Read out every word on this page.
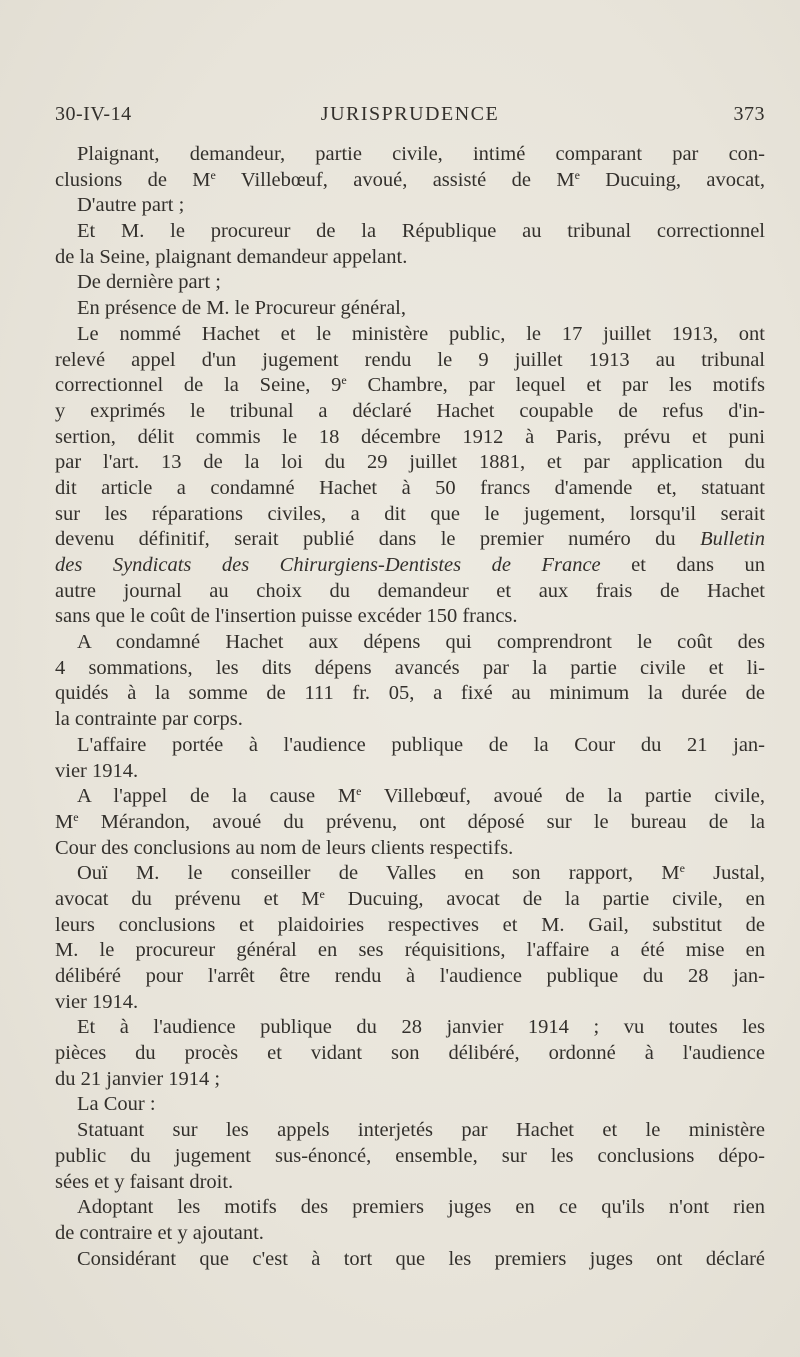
30-IV-14	JURISPRUDENCE	373
Plaignant, demandeur, partie civile, intimé comparant par con-
clusions de Me Villebœuf, avoué, assisté de Me Ducuing, avocat,
D'autre part ;
Et M. le procureur de la République au tribunal correctionnel
de la Seine, plaignant demandeur appelant.
De dernière part ;
En présence de M. le Procureur général,
Le nommé Hachet et le ministère public, le 17 juillet 1913, ont
relevé appel d'un jugement rendu le 9 juillet 1913 au tribunal
correctionnel de la Seine, 9e Chambre, par lequel et par les motifs
y exprimés le tribunal a déclaré Hachet coupable de refus d'in-
sertion, délit commis le 18 décembre 1912 à Paris, prévu et puni
par l'art. 13 de la loi du 29 juillet 1881, et par application du
dit article a condamné Hachet à 50 francs d'amende et, statuant
sur les réparations civiles, a dit que le jugement, lorsqu'il serait
devenu définitif, serait publié dans le premier numéro du Bulletin
des Syndicats des Chirurgiens-Dentistes de France et dans un
autre journal au choix du demandeur et aux frais de Hachet
sans que le coût de l'insertion puisse excéder 150 francs.
A condamné Hachet aux dépens qui comprendront le coût des
4 sommations, les dits dépens avancés par la partie civile et li-
quidés à la somme de 111 fr. 05, a fixé au minimum la durée de
la contrainte par corps.
L'affaire portée à l'audience publique de la Cour du 21 jan-
vier 1914.
A l'appel de la cause Me Villebœuf, avoué de la partie civile,
Me Mérandon, avoué du prévenu, ont déposé sur le bureau de la
Cour des conclusions au nom de leurs clients respectifs.
Ouï M. le conseiller de Valles en son rapport, Me Justal,
avocat du prévenu et Me Ducuing, avocat de la partie civile, en
leurs conclusions et plaidoiries respectives et M. Gail, substitut de
M. le procureur général en ses réquisitions, l'affaire a été mise en
délibéré pour l'arrêt être rendu à l'audience publique du 28 jan-
vier 1914.
Et à l'audience publique du 28 janvier 1914 ; vu toutes les
pièces du procès et vidant son délibéré, ordonné à l'audience
du 21 janvier 1914 ;
La Cour :
Statuant sur les appels interjetés par Hachet et le ministère
public du jugement sus-énoncé, ensemble, sur les conclusions dépo-
sées et y faisant droit.
Adoptant les motifs des premiers juges en ce qu'ils n'ont rien
de contraire et y ajoutant.
Considérant que c'est à tort que les premiers juges ont déclaré
